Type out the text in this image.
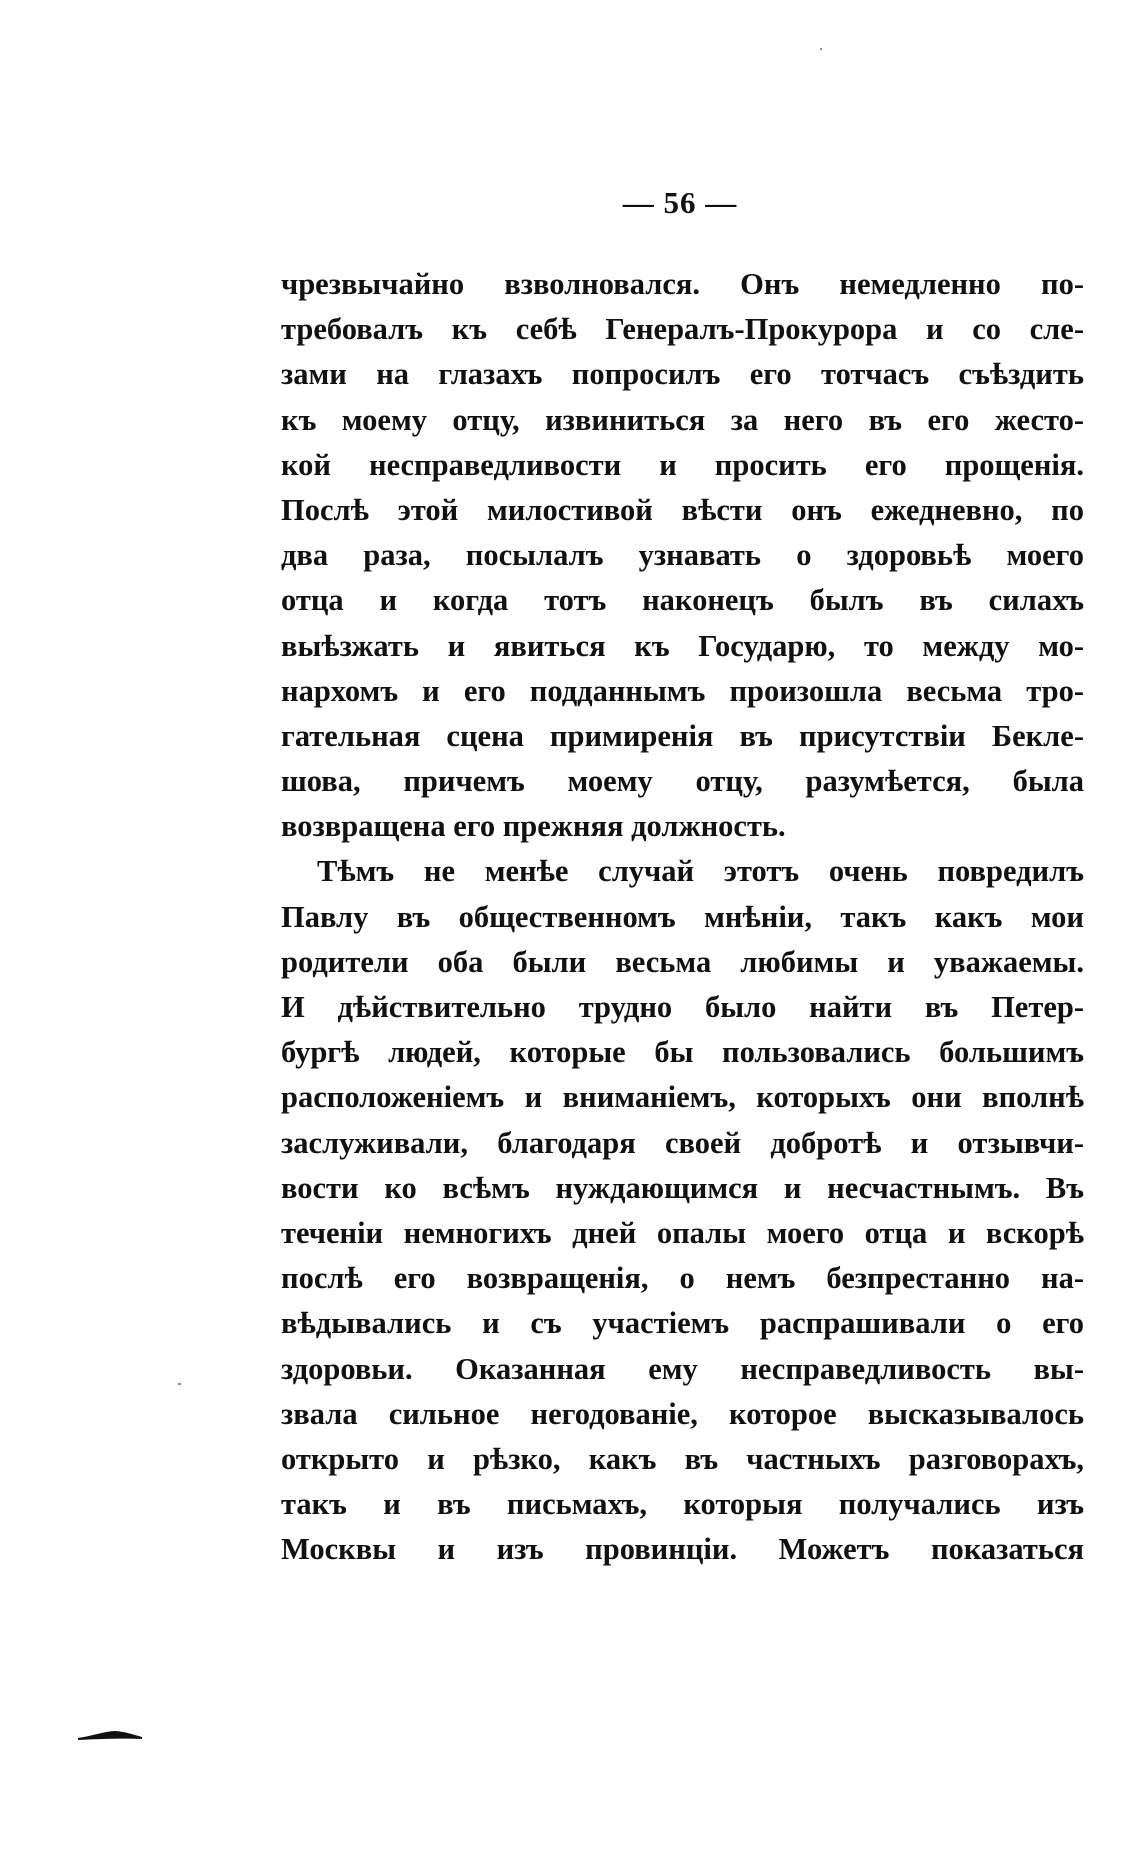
— 56 —
чрезвычайно взволновался. Онъ немедленно по-
требовалъ къ себѣ Генералъ-Прокурора и со сле-
зами на глазахъ попросилъ его тотчасъ съѣздить
къ моему отцу, извиниться за него въ его жесто-
кой несправедливости и просить его прощенія.
Послѣ этой милостивой вѣсти онъ ежедневно, по
два раза, посылалъ узнавать о здоровьѣ моего
отца и когда тотъ наконецъ былъ въ силахъ
выѣзжать и явиться къ Государю, то между мо-
нархомъ и его подданнымъ произошла весьма тро-
гательная сцена примиренія въ присутствіи Бекле-
шова, причемъ моему отцу, разумѣется, была
возвращена его прежняя должность.
Тѣмъ не менѣе случай этотъ очень повредилъ
Павлу въ общественномъ мнѣніи, такъ какъ мои
родители оба были весьма любимы и уважаемы.
И дѣйствительно трудно было найти въ Петер-
бургѣ людей, которые бы пользовались большимъ
расположеніемъ и вниманіемъ, которыхъ они вполнѣ
заслуживали, благодаря своей добротѣ и отзывчи-
вости ко всѣмъ нуждающимся и несчастнымъ. Въ
теченіи немногихъ дней опалы моего отца и вскорѣ
послѣ его возвращенія, о немъ безпрестанно на-
вѣдывались и съ участіемъ распрашивали о его
здоровьи. Оказанная ему несправедливость вы-
звала сильное негодованіе, которое высказывалось
открыто и рѣзко, какъ въ частныхъ разговорахъ,
такъ и въ письмахъ, которыя получались изъ
Москвы и изъ провинціи. Можетъ показаться
